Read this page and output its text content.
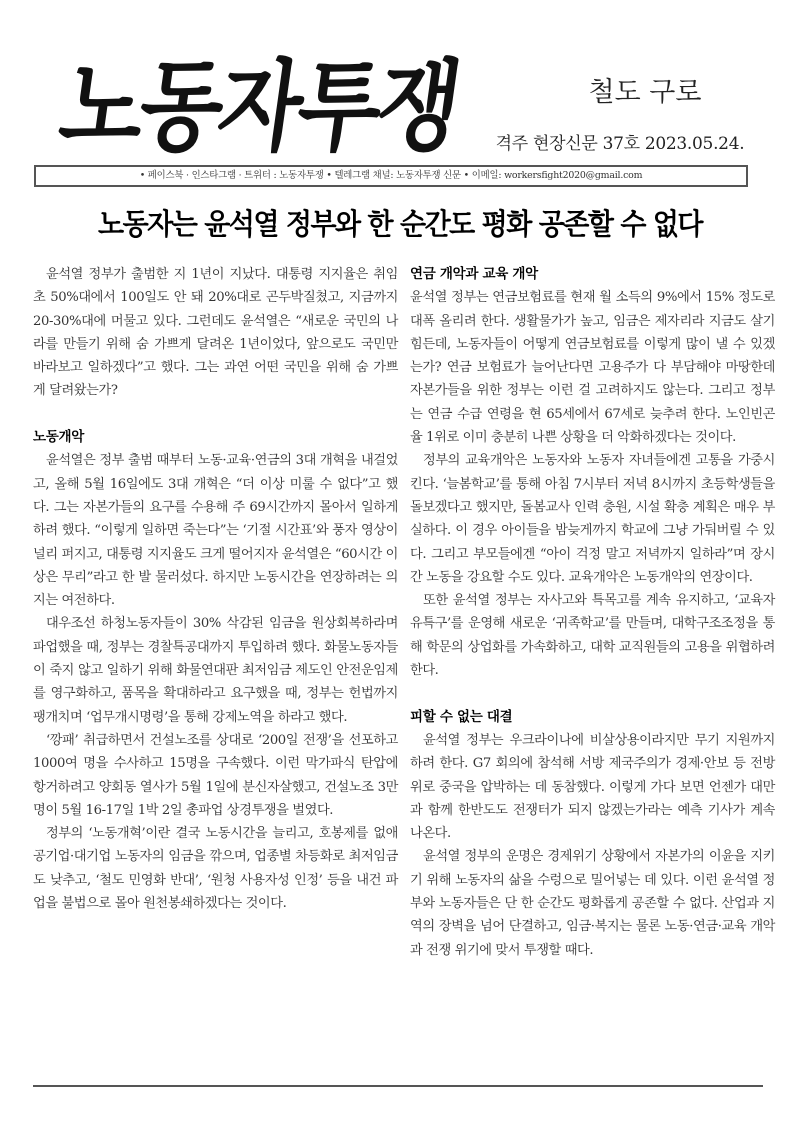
노동자투쟁	철도 구로
격주 현장신문 37호 2023.05.24.
• 페이스북 · 인스타그램 · 트위터 : 노동자투쟁 • 텔레그램 채널: 노동자투쟁 신문 • 이메일: workersfight2020@gmail.com
노동자는 윤석열 정부와 한 순간도 평화 공존할 수 없다

윤석열 정부가 출범한 지 1년이 지났다. 대통령 지지율은 취임 초 50%대에서 100일도 안 돼 20%대로 곤두박질쳤고, 지금까지 20-30%대에 머물고 있다. 그런데도 윤석열은 “새로운 국민의 나라를 만들기 위해 숨 가쁘게 달려온 1년이었다, 앞으로도 국민만 바라보고 일하겠다”고 했다. 그는 과연 어떤 국민을 위해 숨 가쁘게 달려왔는가?

노동개악

윤석열은 정부 출범 때부터 노동·교육·연금의 3대 개혁을 내걸었고, 올해 5월 16일에도 3대 개혁은 “더 이상 미룰 수 없다”고 했다. 그는 자본가들의 요구를 수용해 주 69시간까지 몰아서 일하게 하려 했다. “이렇게 일하면 죽는다”는 ‘기절 시간표’와 풍자 영상이 널리 퍼지고, 대통령 지지율도 크게 떨어지자 윤석열은 “60시간 이상은 무리”라고 한 발 물러섰다. 하지만 노동시간을 연장하려는 의지는 여전하다.

대우조선 하청노동자들이 30% 삭감된 임금을 원상회복하라며 파업했을 때, 정부는 경찰특공대까지 투입하려 했다. 화물노동자들이 죽지 않고 일하기 위해 화물연대판 최저임금 제도인 안전운임제를 영구화하고, 품목을 확대하라고 요구했을 때, 정부는 헌법까지 팽개치며 ‘업무개시명령’을 통해 강제노역을 하라고 했다.

‘깡패’ 취급하면서 건설노조를 상대로 ‘200일 전쟁’을 선포하고 1000여 명을 수사하고 15명을 구속했다. 이런 막가파식 탄압에 항거하려고 양회동 열사가 5월 1일에 분신자살했고, 건설노조 3만 명이 5월 16-17일 1박 2일 총파업 상경투쟁을 벌였다.

정부의 ‘노동개혁’이란 결국 노동시간을 늘리고, 호봉제를 없애 공기업·대기업 노동자의 임금을 깎으며, 업종별 차등화로 최저임금도 낮추고, ‘철도 민영화 반대’, ‘원청 사용자성 인정’ 등을 내건 파업을 불법으로 몰아 원천봉쇄하겠다는 것이다.

연금 개악과 교육 개악

윤석열 정부는 연금보험료를 현재 월 소득의 9%에서 15% 정도로 대폭 올리려 한다. 생활물가가 높고, 임금은 제자리라 지금도 살기 힘든데, 노동자들이 어떻게 연금보험료를 이렇게 많이 낼 수 있겠는가? 연금 보험료가 늘어난다면 고용주가 다 부담해야 마땅한데 자본가들을 위한 정부는 이런 걸 고려하지도 않는다. 그리고 정부는 연금 수급 연령을 현 65세에서 67세로 늦추려 한다. 노인빈곤율 1위로 이미 충분히 나쁜 상황을 더 악화하겠다는 것이다.

정부의 교육개악은 노동자와 노동자 자녀들에겐 고통을 가중시킨다. ‘늘봄학교’를 통해 아침 7시부터 저녁 8시까지 초등학생들을 돌보겠다고 했지만, 돌봄교사 인력 충원, 시설 확충 계획은 매우 부실하다. 이 경우 아이들을 밤늦게까지 학교에 그냥 가둬버릴 수 있다. 그리고 부모들에겐 “아이 걱정 말고 저녁까지 일하라”며 장시간 노동을 강요할 수도 있다. 교육개악은 노동개악의 연장이다.

또한 윤석열 정부는 자사고와 특목고를 계속 유지하고, ‘교육자유특구’를 운영해 새로운 ‘귀족학교’를 만들며, 대학구조조정을 통해 학문의 상업화를 가속화하고, 대학 교직원들의 고용을 위협하려 한다.

피할 수 없는 대결

윤석열 정부는 우크라이나에 비살상용이라지만 무기 지원까지 하려 한다. G7 회의에 참석해 서방 제국주의가 경제·안보 등 전방위로 중국을 압박하는 데 동참했다. 이렇게 가다 보면 언젠가 대만과 함께 한반도도 전쟁터가 되지 않겠는가라는 예측 기사가 계속 나온다.

윤석열 정부의 운명은 경제위기 상황에서 자본가의 이윤을 지키기 위해 노동자의 삶을 수렁으로 밀어넣는 데 있다. 이런 윤석열 정부와 노동자들은 단 한 순간도 평화롭게 공존할 수 없다. 산업과 지역의 장벽을 넘어 단결하고, 임금·복지는 물론 노동·연금·교육 개악과 전쟁 위기에 맞서 투쟁할 때다.
